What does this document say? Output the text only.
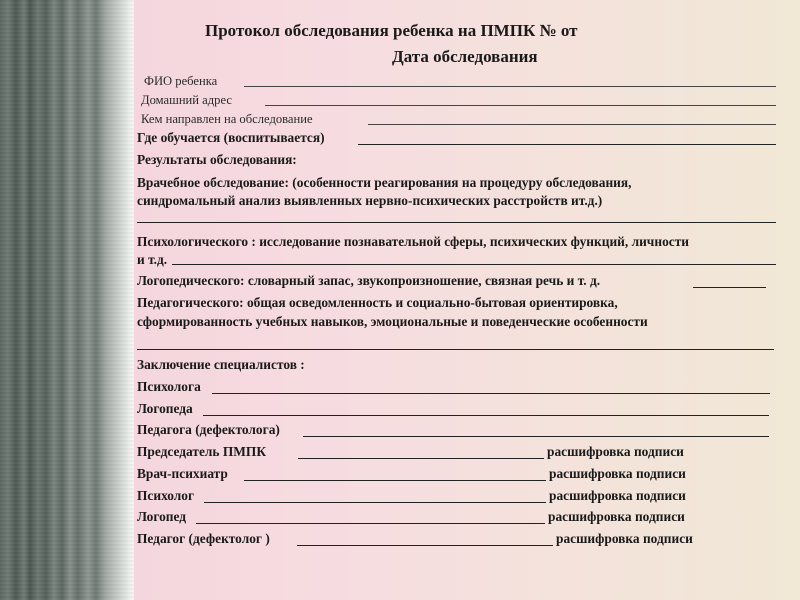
Протокол обследования ребенка на ПМПК № от
Дата обследования
ФИО ребенка
Домашний адрес
Кем направлен на обследование
Где обучается (воспитывается)
Результаты обследования:
Врачебное обследование: (особенности реагирования на процедуру обследования,
синдромальный анализ выявленных нервно-психических расстройств ит.д.)
Психологического : исследование познавательной сферы, психических функций, личности
и т.д.
Логопедического: словарный запас, звукопроизношение, связная речь и т. д.
Педагогического: общая осведомленность и социально-бытовая ориентировка,
сформированность учебных навыков, эмоциональные и поведенческие особенности
Заключение специалистов :
Психолога
Логопеда
Педагога (дефектолога)
Председатель ПМПК	расшифровка подписи
Врач-психиатр	расшифровка подписи
Психолог	расшифровка подписи
Логопед	расшифровка подписи
Педагог (дефектолог )	расшифровка подписи
